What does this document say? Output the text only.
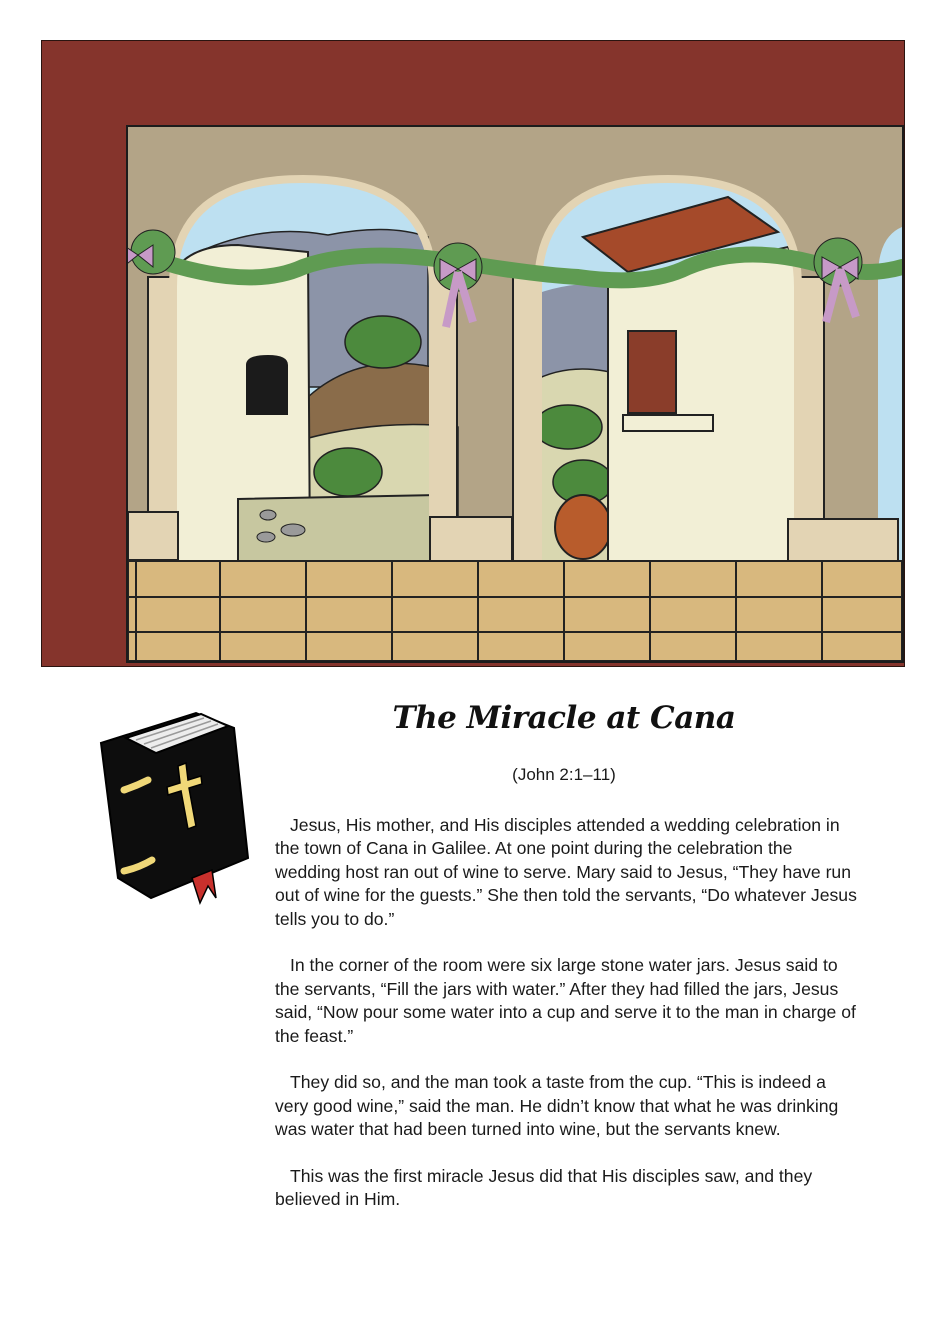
The Miracle at Cana
(John 2:1–11)

Jesus, His mother, and His disciples attended a wedding celebration in the town of Cana in Galilee. At one point during the celebration the wedding host ran out of wine to serve. Mary said to Jesus, “They have run out of wine for the guests.” She then told the servants, “Do whatever Jesus tells you to do.”

In the corner of the room were six large stone water jars. Jesus said to the servants, “Fill the jars with water.” After they had filled the jars, Jesus said, “Now pour some water into a cup and serve it to the man in charge of the feast.”

They did so, and the man took a taste from the cup. “This is indeed a very good wine,” said the man. He didn’t know that what he was drinking was water that had been turned into wine, but the servants knew.

This was the first miracle Jesus did that His disciples saw, and they believed in Him.
